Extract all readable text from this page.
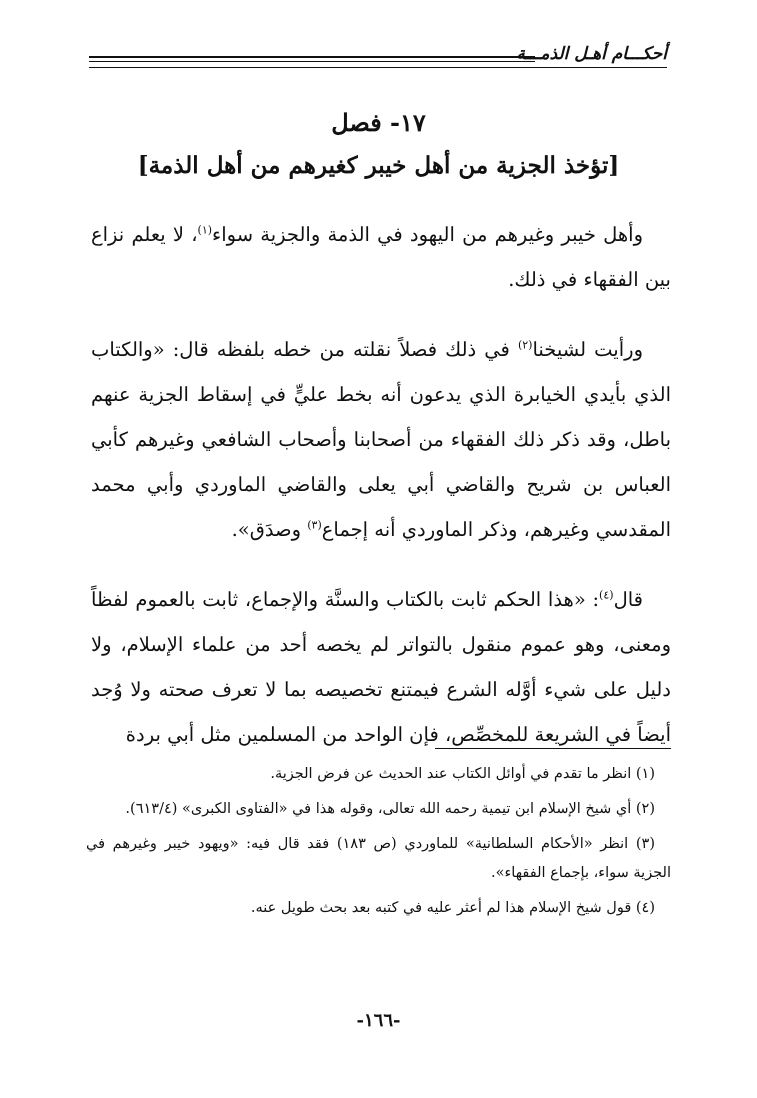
أحكـــام أهـل الذمـــة
١٧- فصل
[تؤخذ الجزية من أهل خيبر كغيرهم من أهل الذمة]

وأهل خيبر وغيرهم من اليهود في الذمة والجزية سواء$^{(١)}$، لا يعلم نزاع بين الفقهاء في ذلك.

ورأيت لشيخنا$^{(٢)}$ في ذلك فصلاً نقلته من خطه بلفظه قال: «والكتاب الذي بأيدي الخيابرة الذي يدعون أنه بخط عليٍّ في إسقاط الجزية عنهم باطل، وقد ذكر ذلك الفقهاء من أصحابنا وأصحاب الشافعي وغيرهم كأبي العباس بن شريح والقاضي أبي يعلى والقاضي الماوردي وأبي محمد المقدسي وغيرهم، وذكر الماوردي أنه إجماع$^{(٣)}$ وصدَق».

قال$^{(٤)}$: «هذا الحكم ثابت بالكتاب والسنَّة والإجماع، ثابت بالعموم لفظاً ومعنى، وهو عموم منقول بالتواتر لم يخصه أحد من علماء الإسلام، ولا دليل على شيء أوَّله الشرع فيمتنع تخصيصه بما لا تعرف صحته ولا وُجد أيضاً في الشريعة للمخصِّص، فإن الواحد من المسلمين مثل أبي بردة

(١) انظر ما تقدم في أوائل الكتاب عند الحديث عن فرض الجزية.

(٢) أي شيخ الإسلام ابن تيمية رحمه الله تعالى، وقوله هذا في «الفتاوى الكبرى» (٦١٣/٤).

(٣) انظر «الأحكام السلطانية» للماوردي (ص ١٨٣) فقد قال فيه: «ويهود خيبر وغيرهم في الجزية سواء، بإجماع الفقهاء».

(٤) قول شيخ الإسلام هذا لم أعثر عليه في كتبه بعد بحث طويل عنه.

-١٦٦-
